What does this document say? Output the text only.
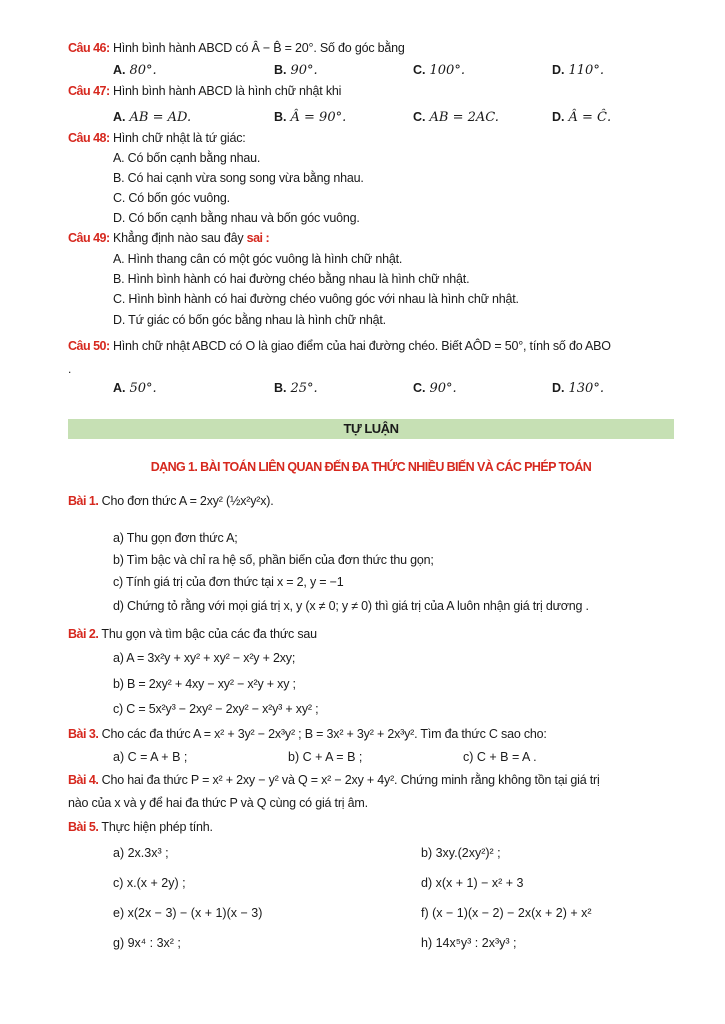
Câu 46: Hình bình hành ABCD có Â − B̂ = 20°. Số đo góc bằng
A. 80°.	B. 90°.	C. 100°.	D. 110°.
Câu 47: Hình bình hành ABCD là hình chữ nhật khi
A. AB = AD.	B. Â = 90°.	C. AB = 2AC.	D. Â = Ĉ.
Câu 48: Hình chữ nhật là tứ giác:
A. Có bốn cạnh bằng nhau.
B. Có hai cạnh vừa song song vừa bằng nhau.
C. Có bốn góc vuông.
D. Có bốn cạnh bằng nhau và bốn góc vuông.
Câu 49: Khẳng định nào sau đây sai :
A. Hình thang cân có một góc vuông là hình chữ nhật.
B. Hình bình hành có hai đường chéo bằng nhau là hình chữ nhật.
C. Hình bình hành có hai đường chéo vuông góc với nhau là hình chữ nhật.
D. Tứ giác có bốn góc bằng nhau là hình chữ nhật.
Câu 50: Hình chữ nhật ABCD có O là giao điểm của hai đường chéo. Biết AÔD = 50°, tính số đo ABO
.
A. 50°.	B. 25°.	C. 90°.	D. 130°.
TỰ LUẬN
DẠNG 1. BÀI TOÁN LIÊN QUAN ĐẾN ĐA THỨC NHIỀU BIẾN VÀ CÁC PHÉP TOÁN
Bài 1. Cho đơn thức A = 2xy² (½x²y²x).
a) Thu gọn đơn thức A;
b) Tìm bậc và chỉ ra hệ số, phần biến của đơn thức thu gọn;
c) Tính giá trị của đơn thức tại x = 2, y = −1
d) Chứng tỏ rằng với mọi giá trị x, y (x ≠ 0; y ≠ 0) thì giá trị của A luôn nhận giá trị dương .
Bài 2. Thu gọn và tìm bậc của các đa thức sau
a) A = 3x²y + xy² + xy² − x²y + 2xy;
b) B = 2xy² + 4xy − xy² − x²y + xy ;
c) C = 5x²y³ − 2xy² − 2xy² − x²y³ + xy² ;
Bài 3. Cho các đa thức A = x² + 3y² − 2x³y² ; B = 3x² + 3y² + 2x³y². Tìm đa thức C sao cho:
a) C = A + B ;	b) C + A = B ;	c) C + B = A .
Bài 4. Cho hai đa thức P = x² + 2xy − y² và Q = x² − 2xy + 4y². Chứng minh rằng không tồn tại giá trị
nào của x và y để hai đa thức P và Q cùng có giá trị âm.
Bài 5. Thực hiện phép tính.
a) 2x.3x³ ;	b) 3xy.(2xy²)² ;
c) x.(x + 2y) ;	d) x(x + 1) − x² + 3
e) x(2x − 3) − (x + 1)(x − 3)	f) (x − 1)(x − 2) − 2x(x + 2) + x²
g) 9x⁴ : 3x² ;	h) 14x⁵y³ : 2x³y³ ;
